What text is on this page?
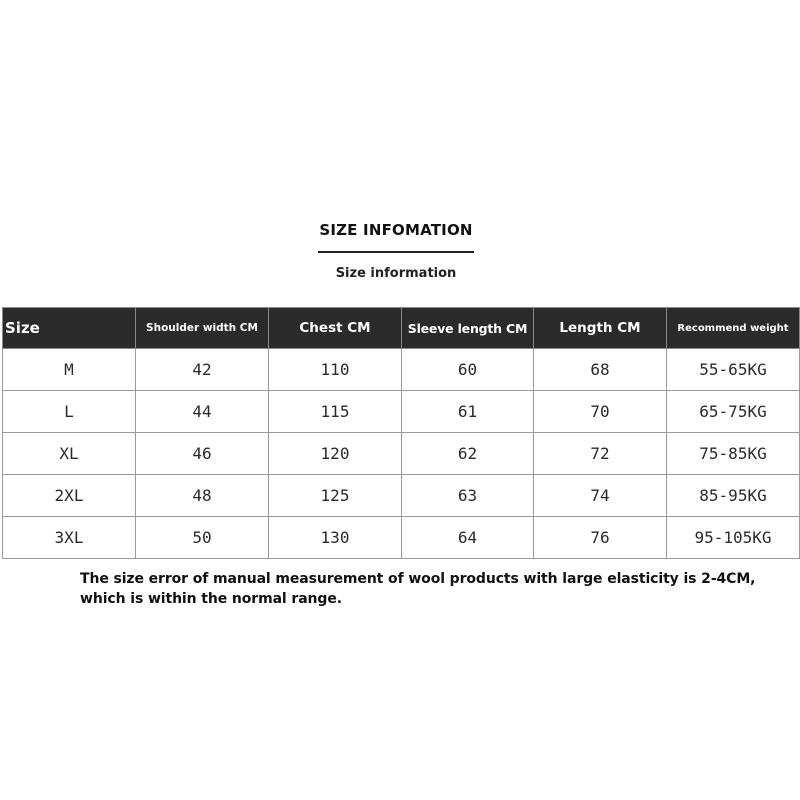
SIZE INFOMATION
Size information
Size	Shoulder width CM	Chest CM	Sleeve length CM	Length CM	Recommend weight
M	42	110	60	68	55-65KG
L	44	115	61	70	65-75KG
XL	46	120	62	72	75-85KG
2XL	48	125	63	74	85-95KG
3XL	50	130	64	76	95-105KG
The size error of manual measurement of wool products with large elasticity is 2-4CM, which is within the normal range.
